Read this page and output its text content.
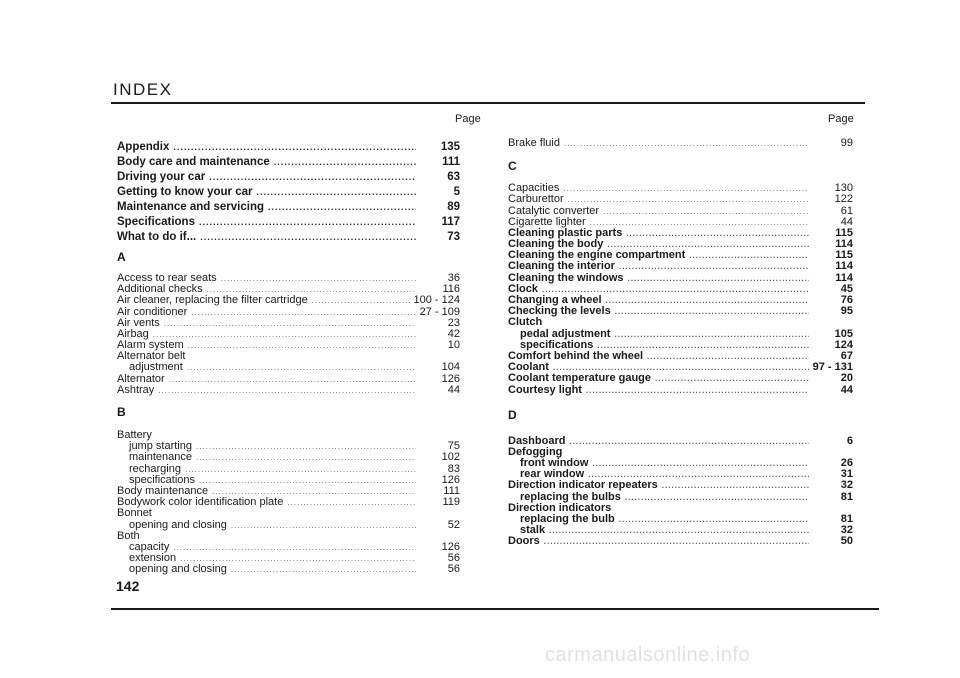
INDEX
Page	Page
Appendix .....	135
Body care and maintenance .....	111
Driving your car .....	63
Getting to know your car .....	5
Maintenance and servicing .....	89
Specifications .....	117
What to do if... .....	73
A
Access to rear seats .....	36
Additional checks .....	116
Air cleaner, replacing the filter cartridge .....	100 - 124
Air conditioner .....	27 - 109
Air vents .....	23
Airbag .....	42
Alarm system .....	10
Alternator belt
adjustment .....	104
Alternator .....	126
Ashtray .....	44
B
Battery
jump starting .....	75
maintenance .....	102
recharging .....	83
specifications .....	126
Body maintenance .....	111
Bodywork color identification plate .....	119
Bonnet
opening and closing .....	52
Both
capacity .....	126
extension .....	56
opening and closing .....	56
Brake fluid .....	99
C
Capacities .....	130
Carburettor .....	122
Catalytic converter .....	61
Cigarette lighter .....	44
Cleaning plastic parts .....	115
Cleaning the body .....	114
Cleaning the engine compartment .....	115
Cleaning the interior .....	114
Cleaning the windows .....	114
Clock .....	45
Changing a wheel .....	76
Checking the levels .....	95
Clutch
pedal adjustment .....	105
specifications .....	124
Comfort behind the wheel .....	67
Coolant .....	97 - 131
Coolant temperature gauge .....	20
Courtesy light .....	44
D
Dashboard .....	6
Defogging
front window .....	26
rear window .....	31
Direction indicator repeaters .....	32
replacing the bulbs .....	81
Direction indicators
replacing the bulb .....	81
stalk .....	32
Doors .....	50
142
carmanualsonline.info
